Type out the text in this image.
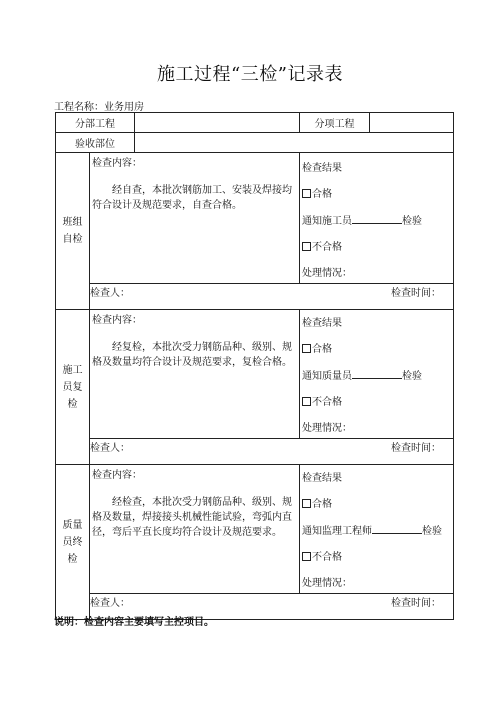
施工过程“三检”记录表
工程名称：业务用房
分部工程			分项工程	
验收部位				
班组自检	检查内容：
经自查，本批次钢筋加工、安装及焊接均符合设计及规范要求，自查合格。		检查结果
合格
通知施工员 检验
不合格
处理情况：	

	检查人： 检查时间：			

施工员复检	检查内容：
经复检，本批次受力钢筋品种、级别、规格及数量均符合设计及规范要求，复检合格。		检查结果
合格
通知质量员 检验
不合格
处理情况：	

	检查人： 检查时间：			

质量员终检	检查内容：
经检查，本批次受力钢筋品种、级别、规格及数量，焊接接头机械性能试验，弯弧内直径，弯后平直长度均符合设计及规范要求。		检查结果
合格
通知监理工程师 检验
不合格
处理情况：	

	检查人： 检查时间：			
说明：检查内容主要填写主控项目。
